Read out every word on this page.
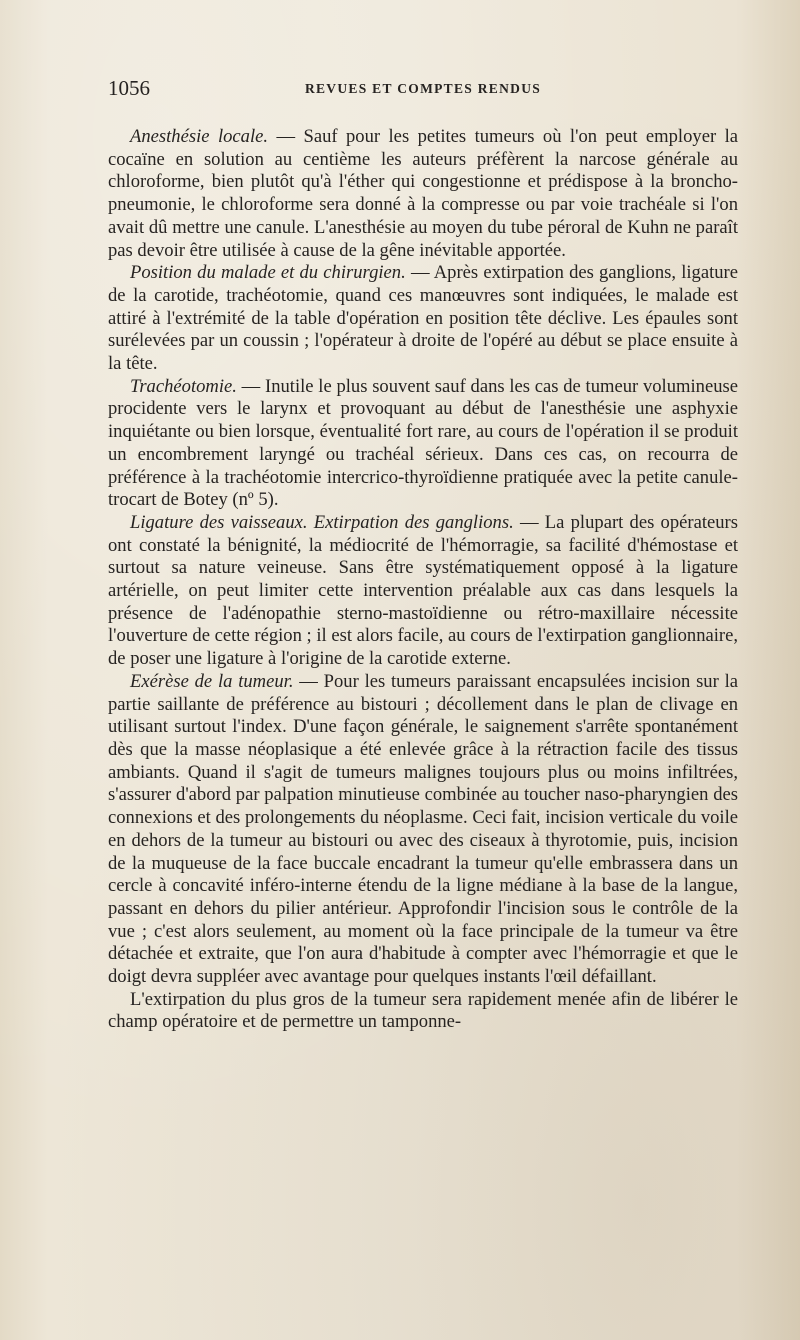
1056	REVUES ET COMPTES RENDUS

Anesthésie locale. — Sauf pour les petites tumeurs où l'on peut employer la cocaïne en solution au centième les auteurs préfèrent la narcose générale au chloroforme, bien plutôt qu'à l'éther qui congestionne et prédispose à la broncho-pneumonie, le chloroforme sera donné à la compresse ou par voie trachéale si l'on avait dû mettre une canule. L'anesthésie au moyen du tube péroral de Kuhn ne paraît pas devoir être utilisée à cause de la gêne inévitable apportée.

Position du malade et du chirurgien. — Après extirpation des ganglions, ligature de la carotide, trachéotomie, quand ces manœuvres sont indiquées, le malade est attiré à l'extrémité de la table d'opération en position tête déclive. Les épaules sont surélevées par un coussin ; l'opérateur à droite de l'opéré au début se place ensuite à la tête.

Trachéotomie. — Inutile le plus souvent sauf dans les cas de tumeur volumineuse procidente vers le larynx et provoquant au début de l'anesthésie une asphyxie inquiétante ou bien lorsque, éventualité fort rare, au cours de l'opération il se produit un encombrement laryngé ou trachéal sérieux. Dans ces cas, on recourra de préférence à la trachéotomie intercrico-thyroïdienne pratiquée avec la petite canule-trocart de Botey (nº 5).

Ligature des vaisseaux. Extirpation des ganglions. — La plupart des opérateurs ont constaté la bénignité, la médiocrité de l'hémorragie, sa facilité d'hémostase et surtout sa nature veineuse. Sans être systématiquement opposé à la ligature artérielle, on peut limiter cette intervention préalable aux cas dans lesquels la présence de l'adénopathie sterno-mastoïdienne ou rétro-maxillaire nécessite l'ouverture de cette région ; il est alors facile, au cours de l'extirpation ganglionnaire, de poser une ligature à l'origine de la carotide externe.

Exérèse de la tumeur. — Pour les tumeurs paraissant encapsulées incision sur la partie saillante de préférence au bistouri ; décollement dans le plan de clivage en utilisant surtout l'index. D'une façon générale, le saignement s'arrête spontanément dès que la masse néoplasique a été enlevée grâce à la rétraction facile des tissus ambiants. Quand il s'agit de tumeurs malignes toujours plus ou moins infiltrées, s'assurer d'abord par palpation minutieuse combinée au toucher naso-pharyngien des connexions et des prolongements du néoplasme. Ceci fait, incision verticale du voile en dehors de la tumeur au bistouri ou avec des ciseaux à thyrotomie, puis, incision de la muqueuse de la face buccale encadrant la tumeur qu'elle embrassera dans un cercle à concavité inféro-interne étendu de la ligne médiane à la base de la langue, passant en dehors du pilier antérieur. Approfondir l'incision sous le contrôle de la vue ; c'est alors seulement, au moment où la face principale de la tumeur va être détachée et extraite, que l'on aura d'habitude à compter avec l'hémorragie et que le doigt devra suppléer avec avantage pour quelques instants l'œil défaillant.

L'extirpation du plus gros de la tumeur sera rapidement menée afin de libérer le champ opératoire et de permettre un tamponne-
